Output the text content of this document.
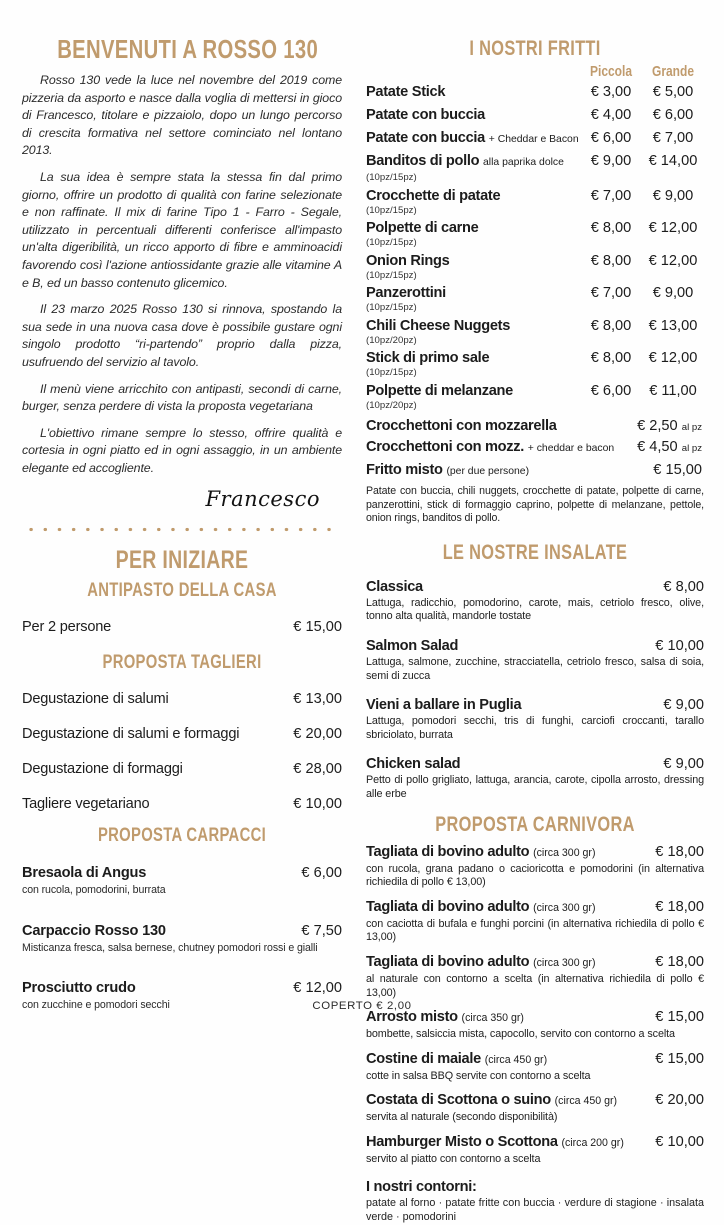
BENVENUTI A ROSSO 130

Rosso 130 vede la luce nel novembre del 2019 come pizzeria da asporto e nasce dalla voglia di mettersi in gioco di Francesco, titolare e pizzaiolo, dopo un lungo percorso di crescita formativa nel settore cominciato nel lontano 2013.

La sua idea è sempre stata la stessa fin dal primo giorno, offrire un prodotto di qualità con farine selezionate e non raffinate. Il mix di farine Tipo 1 - Farro - Segale, utilizzato in percentuali differenti conferisce all'impasto un'alta digeribilità, un ricco apporto di fibre e amminoacidi favorendo così l'azione antiossidante grazie alle vitamine A e B, ed un basso contenuto glicemico.

Il 23 marzo 2025 Rosso 130 si rinnova, spostando la sua sede in una nuova casa dove è possibile gustare ogni singolo prodotto “ri-partendo” proprio dalla pizza, usufruendo del servizio al tavolo.

Il menù viene arricchito con antipasti, secondi di carne, burger, senza perdere di vista la proposta vegetariana

L'obiettivo rimane sempre lo stesso, offrire qualità e cortesia in ogni piatto ed in ogni assaggio, in un ambiente elegante ed accogliente.

Francesco
PER INIZIARE
ANTIPASTO DELLA CASA
Per 2 persone	€ 15,00
PROPOSTA TAGLIERI
Degustazione di salumi	€ 13,00
Degustazione di salumi e formaggi	€ 20,00
Degustazione di formaggi	€ 28,00
Tagliere vegetariano	€ 10,00
PROPOSTA CARPACCI
Bresaola di Angus	€ 6,00
con rucola, pomodorini, burrata
Carpaccio Rosso 130	€ 7,50
Misticanza fresca, salsa bernese, chutney pomodori rossi e gialli
Prosciutto crudo	€ 12,00
con zucchine e pomodori secchi
I NOSTRI FRITTI
Piccola Grande
Patate Stick	€ 3,00	€ 5,00
Patate con buccia	€ 4,00	€ 6,00
Patate con buccia + Cheddar e Bacon € 6,00	€ 7,00
Banditos di pollo alla paprika dolce	€ 9,00	€ 14,00
(10pz/15pz)
Crocchette di patate	€ 7,00	€ 9,00
(10pz/15pz)
Polpette di carne	€ 8,00	€ 12,00
(10pz/15pz)
Onion Rings	€ 8,00	€ 12,00
(10pz/15pz)
Panzerottini	€ 7,00	€ 9,00
(10pz/15pz)
Chili Cheese Nuggets	€ 8,00	€ 13,00
(10pz/20pz)
Stick di primo sale	€ 8,00	€ 12,00
(10pz/15pz)
Polpette di melanzane	€ 6,00	€ 11,00
(10pz/20pz)
Crocchettoni con mozzarella	€ 2,50 al pz
Crocchettoni con mozz. + cheddar e bacon	€ 4,50 al pz
Fritto misto (per due persone)	€ 15,00
Patate con buccia, chili nuggets, crocchette di patate, polpette di carne, panzerottini, stick di formaggio caprino, polpette di melanzane, pettole, onion rings, banditos di pollo.
LE NOSTRE INSALATE
Classica	€ 8,00
Lattuga, radicchio, pomodorino, carote, mais, cetriolo fresco, olive, tonno alta qualità, mandorle tostate
Salmon Salad	€ 10,00
Lattuga, salmone, zucchine, stracciatella, cetriolo fresco, salsa di soia, semi di zucca
Vieni a ballare in Puglia	€ 9,00
Lattuga, pomodori secchi, tris di funghi, carciofi croccanti, tarallo sbriciolato, burrata
Chicken salad	€ 9,00
Petto di pollo grigliato, lattuga, arancia, carote, cipolla arrosto, dressing alle erbe
PROPOSTA CARNIVORA
Tagliata di bovino adulto (circa 300 gr)	€ 18,00
con rucola, grana padano o cacioricotta e pomodorini (in alternativa richiedila di pollo € 13,00)
Tagliata di bovino adulto (circa 300 gr)	€ 18,00
con caciotta di bufala e funghi porcini (in alternativa richiedila di pollo € 13,00)
Tagliata di bovino adulto (circa 300 gr)	€ 18,00
al naturale con contorno a scelta (in alternativa richiedila di pollo € 13,00)
Arrosto misto (circa 350 gr)	€ 15,00
bombette, salsiccia mista, capocollo, servito con contorno a scelta
Costine di maiale (circa 450 gr)	€ 15,00
cotte in salsa BBQ servite con contorno a scelta
Costata di Scottona o suino (circa 450 gr)	€ 20,00
servita al naturale (secondo disponibilità)
Hamburger Misto o Scottona (circa 200 gr) € 10,00
servito al piatto con contorno a scelta
I nostri contorni:
patate al forno · patate fritte con buccia · verdure di stagione · insalata verde · pomodorini
COPERTO € 2,00
